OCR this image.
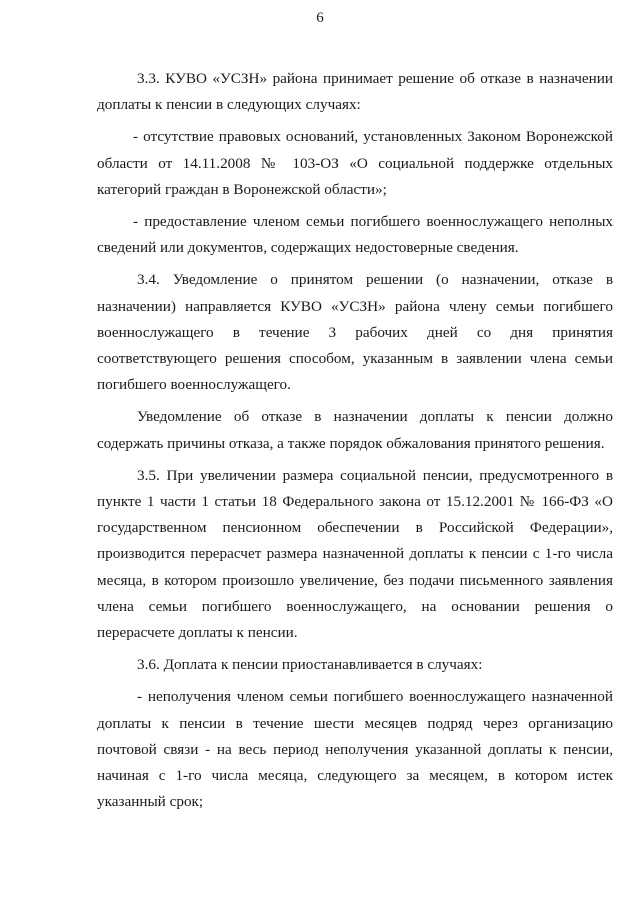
6

3.3. КУВО «УСЗН» района принимает решение об отказе в назначении доплаты к пенсии в следующих случаях:

- отсутствие правовых оснований, установленных Законом Воронежской области от 14.11.2008 № 103-ОЗ «О социальной поддержке отдельных категорий граждан в Воронежской области»;

- предоставление членом семьи погибшего военнослужащего неполных сведений или документов, содержащих недостоверные сведения.

3.4. Уведомление о принятом решении (о назначении, отказе в назначении) направляется КУВО «УСЗН» района члену семьи погибшего военнослужащего в течение 3 рабочих дней со дня принятия соответствующего решения способом, указанным в заявлении члена семьи погибшего военнослужащего.

Уведомление об отказе в назначении доплаты к пенсии должно содержать причины отказа, а также порядок обжалования принятого решения.

3.5. При увеличении размера социальной пенсии, предусмотренного в пункте 1 части 1 статьи 18 Федерального закона от 15.12.2001 № 166-ФЗ «О государственном пенсионном обеспечении в Российской Федерации», производится перерасчет размера назначенной доплаты к пенсии с 1-го числа месяца, в котором произошло увеличение, без подачи письменного заявления члена семьи погибшего военнослужащего, на основании решения о перерасчете доплаты к пенсии.

3.6. Доплата к пенсии приостанавливается в случаях:

- неполучения членом семьи погибшего военнослужащего назначенной доплаты к пенсии в течение шести месяцев подряд через организацию почтовой связи - на весь период неполучения указанной доплаты к пенсии, начиная с 1-го числа месяца, следующего за месяцем, в котором истек указанный срок;
